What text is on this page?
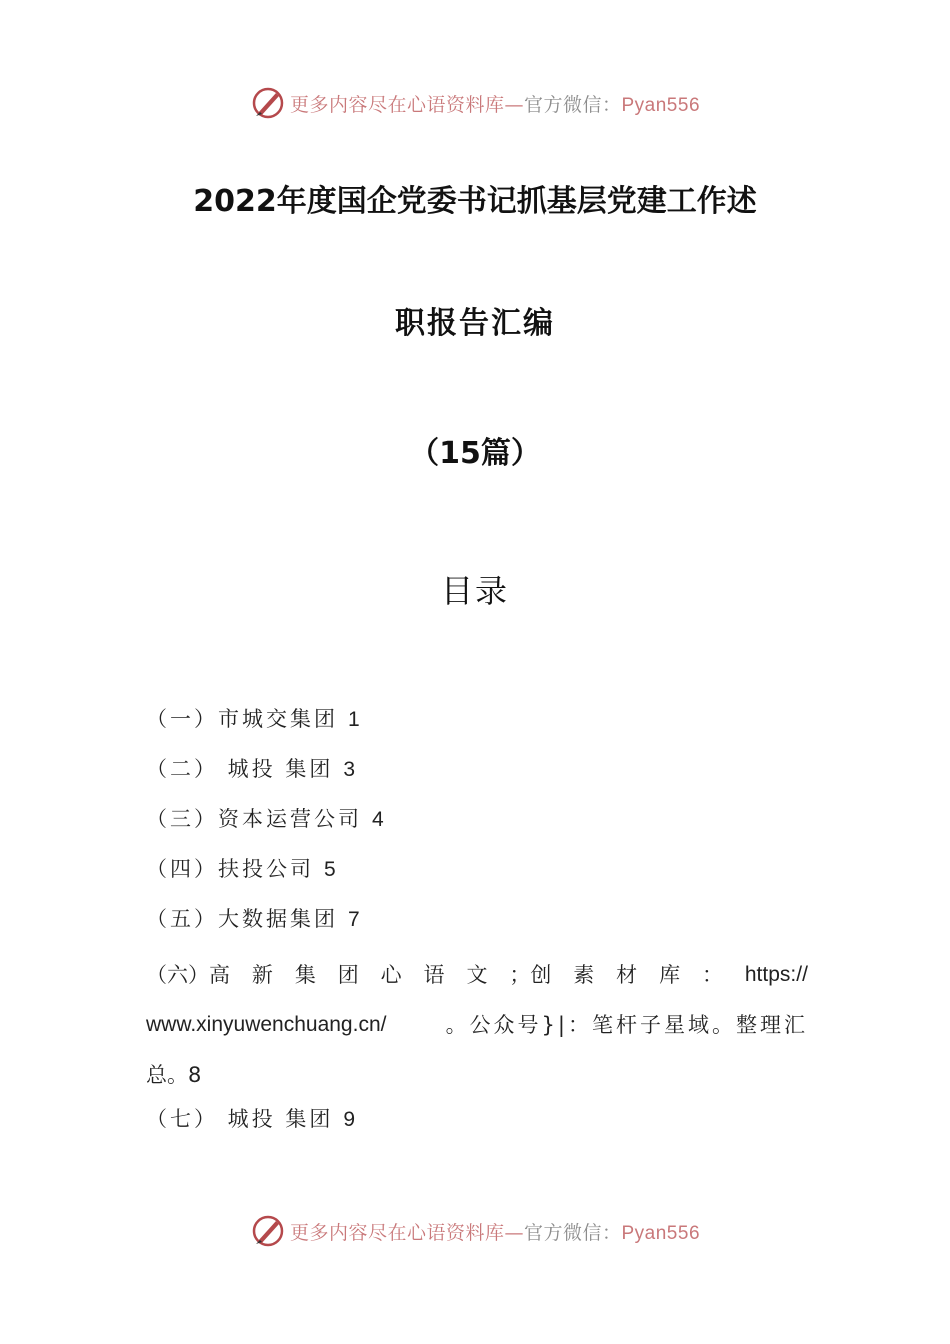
更多内容尽在心语资料库—官方微信：Pyan556
2022年度国企党委书记抓基层党建工作述
职报告汇编
（15篇）
目录
（一）市城交集团 1
（二） 城投 集团 3
（三）资本运营公司 4
（四）扶投公司 5
（五）大数据集团 7
（六）高 新 集 团 心 语 文 ；创 素 材 库 ： https://
www.xinyuwenchuang.cn/	。公众号}|：笔杆子星域。整理汇
总。8
（七） 城投 集团 9
更多内容尽在心语资料库—官方微信：Pyan556
